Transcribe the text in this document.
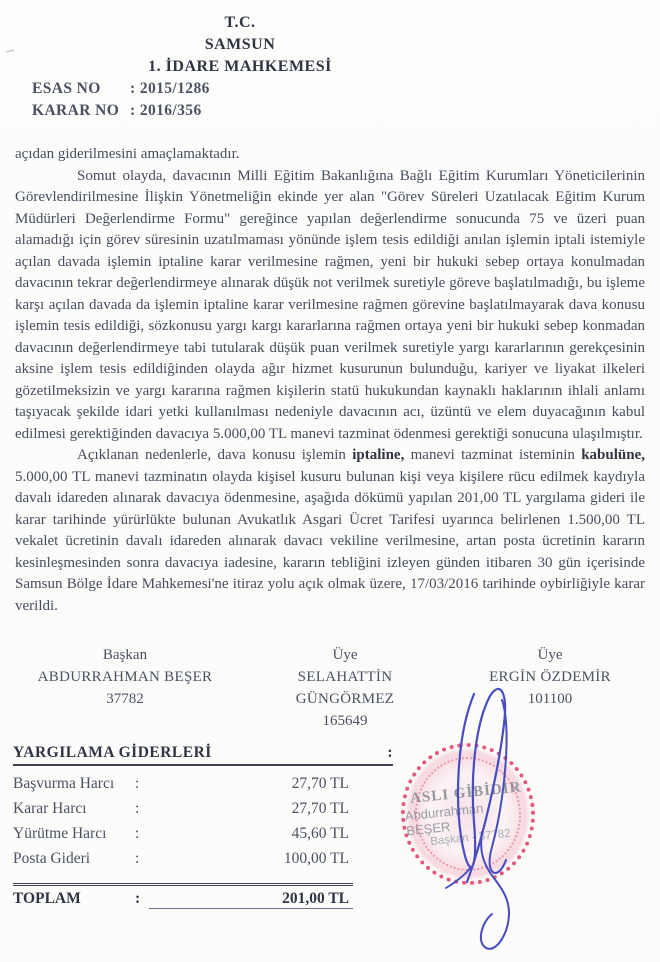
T.C.
SAMSUN
1. İDARE MAHKEMESİ
ESAS NO	: 2015/1286
KARAR NO : 2016/356

açıdan giderilmesini amaçlamaktadır.

Somut olayda, davacının Milli Eğitim Bakanlığına Bağlı Eğitim Kurumları Yöneticilerinin Görevlendirilmesine İlişkin Yönetmeliğin ekinde yer alan "Görev Süreleri Uzatılacak Eğitim Kurum Müdürleri Değerlendirme Formu" gereğince yapılan değerlendirme sonucunda 75 ve üzeri puan alamadığı için görev süresinin uzatılmaması yönünde işlem tesis edildiği anılan işlemin iptali istemiyle açılan davada işlemin iptaline karar verilmesine rağmen, yeni bir hukuki sebep ortaya konulmadan davacının tekrar değerlendirmeye alınarak düşük not verilmek suretiyle göreve başlatılmadığı, bu işleme karşı açılan davada da işlemin iptaline karar verilmesine rağmen görevine başlatılmayarak dava konusu işlemin tesis edildiği, sözkonusu yargı kargı kararlarına rağmen ortaya yeni bir hukuki sebep konmadan davacının değerlendirmeye tabi tutularak düşük puan verilmek suretiyle yargı kararlarının gerekçesinin aksine işlem tesis edildiğinden olayda ağır hizmet kusurunun bulunduğu, kariyer ve liyakat ilkeleri gözetilmeksizin ve yargı kararına rağmen kişilerin statü hukukundan kaynaklı haklarının ihlali anlamı taşıyacak şekilde idari yetki kullanılması nedeniyle davacının acı, üzüntü ve elem duyacağının kabul edilmesi gerektiğinden davacıya 5.000,00 TL manevi tazminat ödenmesi gerektiği sonucuna ulaşılmıştır.

Açıklanan nedenlerle, dava konusu işlemin iptaline, manevi tazminat isteminin kabulüne, 5.000,00 TL manevi tazminatın olayda kişisel kusuru bulunan kişi veya kişilere rücu edilmek kaydıyla davalı idareden alınarak davacıya ödenmesine, aşağıda dökümü yapılan 201,00 TL yargılama gideri ile karar tarihinde yürürlükte bulunan Avukatlık Asgari Ücret Tarifesi uyarınca belirlenen 1.500,00 TL vekalet ücretinin davalı idareden alınarak davacı vekiline verilmesine, artan posta ücretinin kararın kesinleşmesinden sonra davacıya iadesine, kararın tebliğini izleyen günden itibaren 30 gün içerisinde Samsun Bölge İdare Mahkemesi'ne itiraz yolu açık olmak üzere, 17/03/2016 tarihinde oybirliğiyle karar verildi.

Başkan
ABDURRAHMAN BEŞER
37782
Üye
SELAHATTİN GÜNGÖRMEZ
165649
Üye
ERGİN ÖZDEMİR
101100
YARGILAMA GİDERLERİ	:
Başvurma Harcı	:	27,70 TL
Karar Harcı	:	27,70 TL
Yürütme Harcı	:	45,60 TL
Posta Gideri	:	100,00 TL
TOPLAM	:	201,00 TL
ASLI GİBİDİR
Abdurrahman BEŞER
Başkan - 37782
